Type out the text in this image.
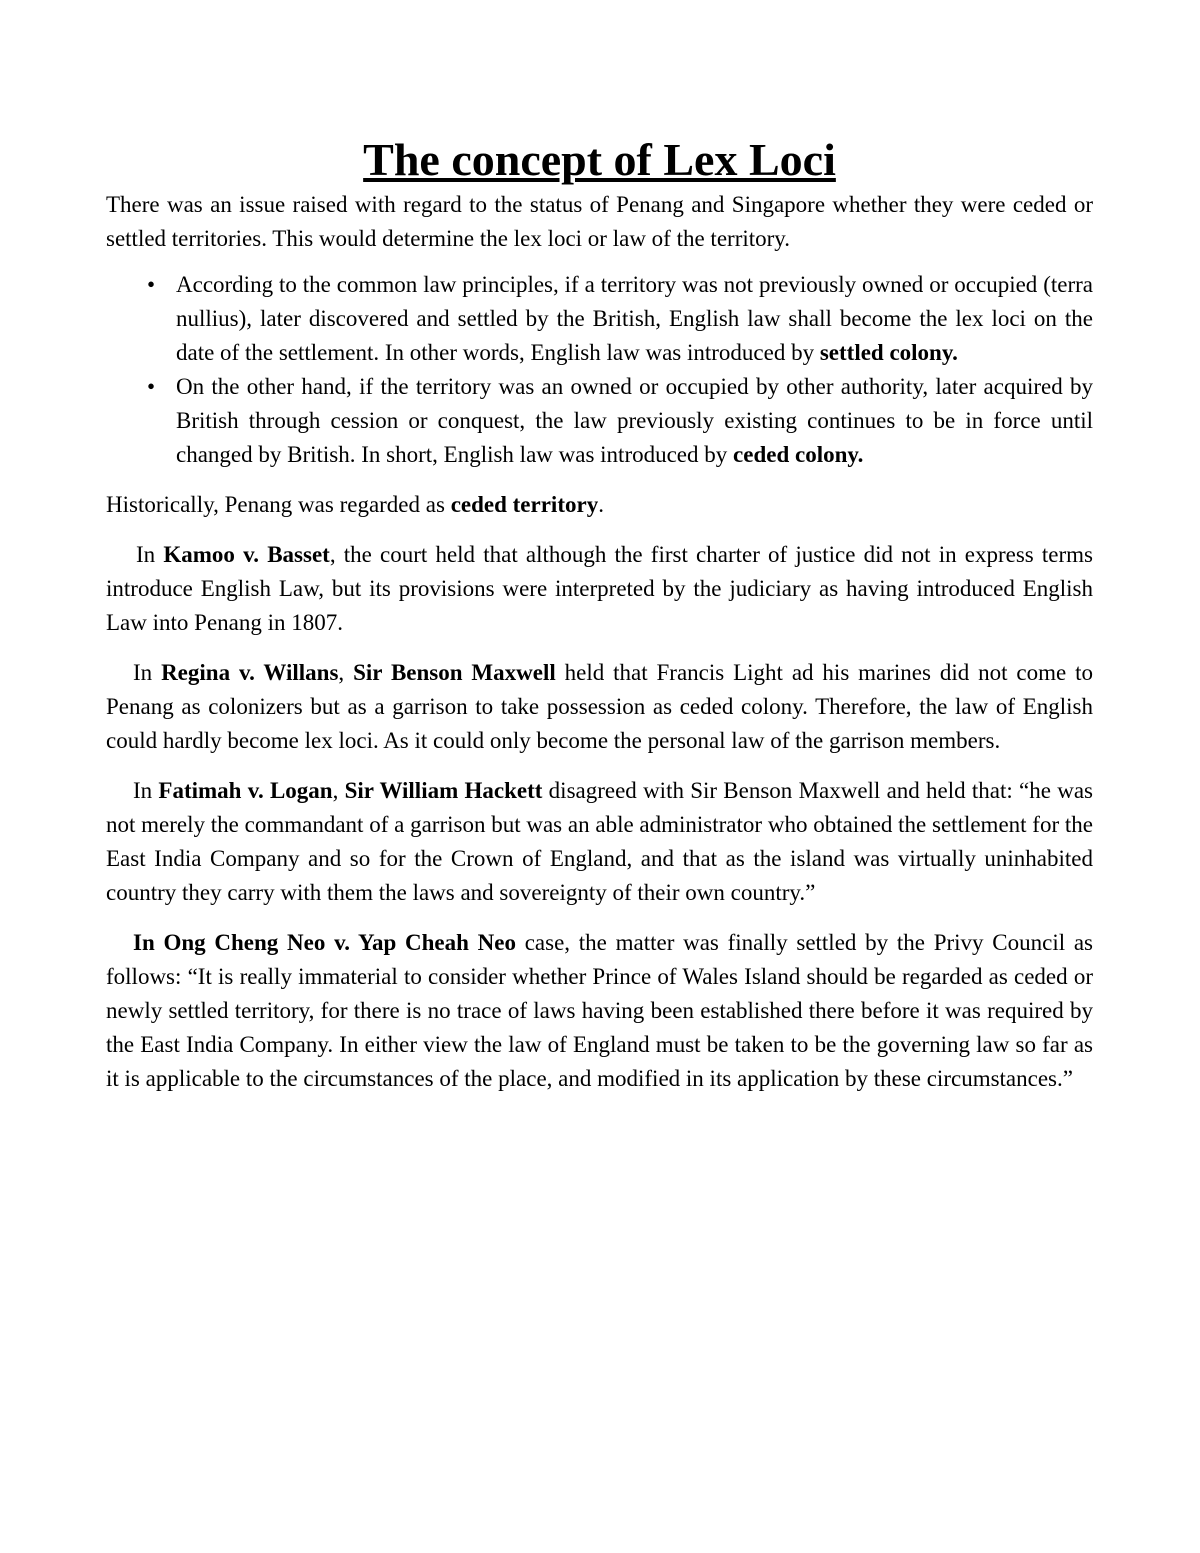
The concept of Lex Loci

There was an issue raised with regard to the status of Penang and Singapore whether they were ceded or settled territories. This would determine the lex loci or law of the territory.

• According to the common law principles, if a territory was not previously owned or occupied (terra nullius), later discovered and settled by the British, English law shall become the lex loci on the date of the settlement. In other words, English law was introduced by settled colony.
• On the other hand, if the territory was an owned or occupied by other authority, later acquired by British through cession or conquest, the law previously existing continues to be in force until changed by British. In short, English law was introduced by ceded colony.

Historically, Penang was regarded as ceded territory.

In Kamoo v. Basset, the court held that although the first charter of justice did not in express terms introduce English Law, but its provisions were interpreted by the judiciary as having introduced English Law into Penang in 1807.

In Regina v. Willans, Sir Benson Maxwell held that Francis Light ad his marines did not come to Penang as colonizers but as a garrison to take possession as ceded colony. Therefore, the law of English could hardly become lex loci. As it could only become the personal law of the garrison members.

In Fatimah v. Logan, Sir William Hackett disagreed with Sir Benson Maxwell and held that: “he was not merely the commandant of a garrison but was an able administrator who obtained the settlement for the East India Company and so for the Crown of England, and that as the island was virtually uninhabited country they carry with them the laws and sovereignty of their own country.”

In Ong Cheng Neo v. Yap Cheah Neo case, the matter was finally settled by the Privy Council as follows: “It is really immaterial to consider whether Prince of Wales Island should be regarded as ceded or newly settled territory, for there is no trace of laws having been established there before it was required by the East India Company. In either view the law of England must be taken to be the governing law so far as it is applicable to the circumstances of the place, and modified in its application by these circumstances.”
